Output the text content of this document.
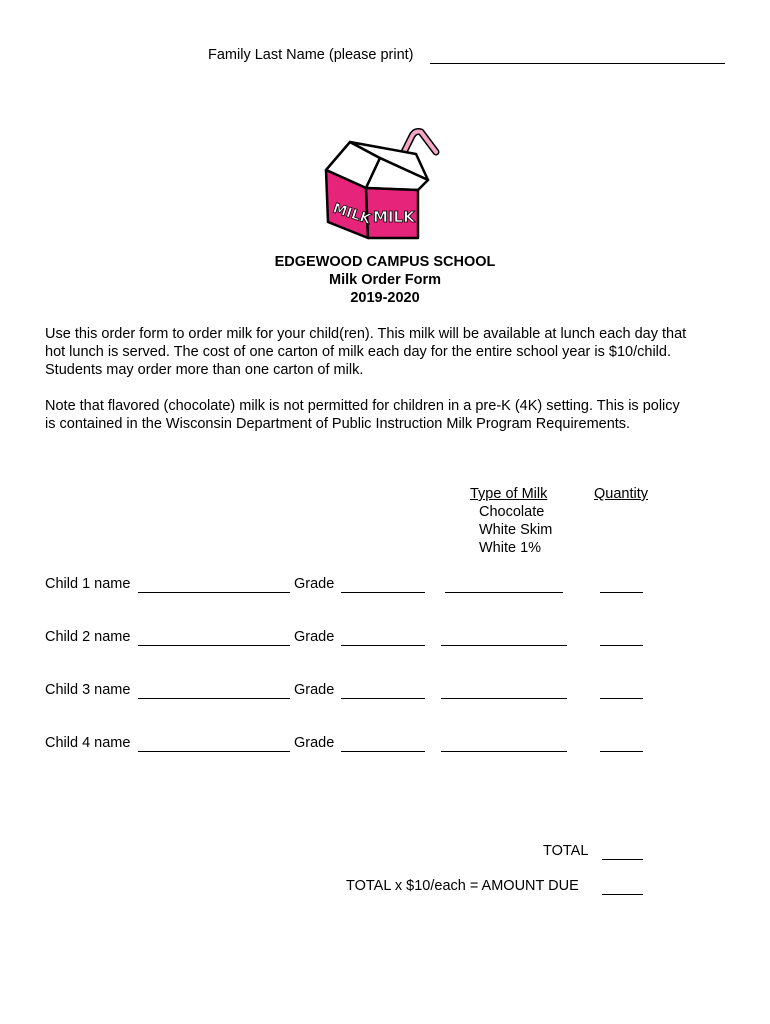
Family Last Name (please print)
MILK MILK
EDGEWOOD CAMPUS SCHOOL
Milk Order Form
2019-2020
Use this order form to order milk for your child(ren). This milk will be available at lunch each day that
hot lunch is served. The cost of one carton of milk each day for the entire school year is $10/child.
Students may order more than one carton of milk.
Note that flavored (chocolate) milk is not permitted for children in a pre-K (4K) setting. This is policy
is contained in the Wisconsin Department of Public Instruction Milk Program Requirements.
Type of Milk	Quantity
Chocolate
White Skim
White 1%
Child 1 name	Grade
Child 2 name	Grade
Child 3 name	Grade
Child 4 name	Grade
TOTAL
TOTAL x $10/each = AMOUNT DUE
